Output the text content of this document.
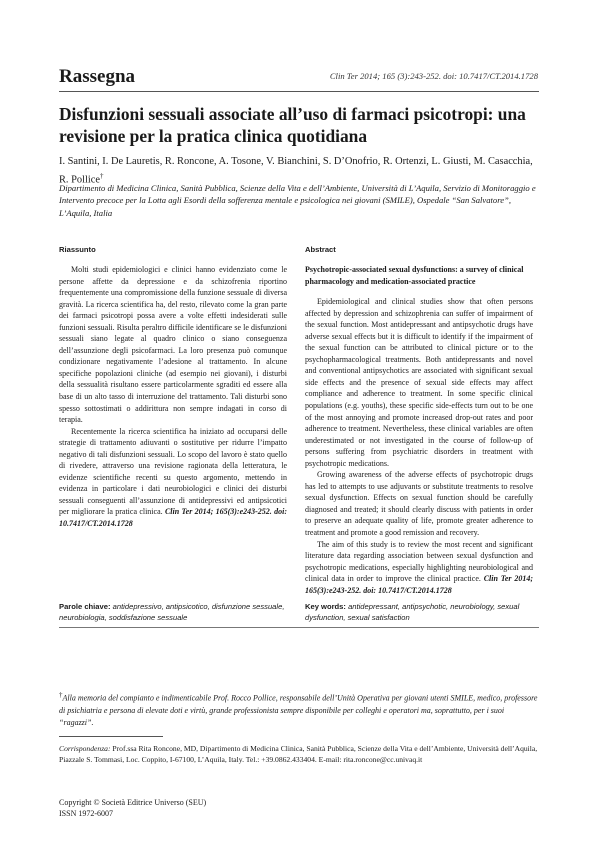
Rassegna	Clin Ter 2014; 165 (3):243-252. doi: 10.7417/CT.2014.1728
Disfunzioni sessuali associate all’uso di farmaci psicotropi: una revisione per la pratica clinica quotidiana
I. Santini, I. De Lauretis, R. Roncone, A. Tosone, V. Bianchini, S. D’Onofrio, R. Ortenzi, L. Giusti, M. Casacchia, R. Pollice†
Dipartimento di Medicina Clinica, Sanità Pubblica, Scienze della Vita e dell’Ambiente, Università di L’Aquila, Servizio di Monitoraggio e Intervento precoce per la Lotta agli Esordi della sofferenza mentale e psicologica nei giovani (SMILE), Ospedale “San Salvatore”, L’Aquila, Italia
Riassunto
Molti studi epidemiologici e clinici hanno evidenziato come le persone affette da depressione e da schizofrenia riportino frequentemente una compromissione della funzione sessuale di diversa gravità. La ricerca scientifica ha, del resto, rilevato come la gran parte dei farmaci psicotropi possa avere a volte effetti indesiderati sulle funzioni sessuali. Risulta peraltro difficile identificare se le disfunzioni sessuali siano legate al quadro clinico o siano conseguenza dell’assunzione degli psicofarmaci. La loro presenza può comunque condizionare negativamente l’adesione al trattamento. In alcune specifiche popolazioni cliniche (ad esempio nei giovani), i disturbi della sessualità risultano essere particolarmente sgraditi ed essere alla base di un alto tasso di interruzione del trattamento. Tali disturbi sono spesso sottostimati o addirittura non sempre indagati in corso di terapia.
Recentemente la ricerca scientifica ha iniziato ad occuparsi delle strategie di trattamento adiuvanti o sostitutive per ridurre l’impatto negativo di tali disfunzioni sessuali. Lo scopo del lavoro è stato quello di rivedere, attraverso una revisione ragionata della letteratura, le evidenze scientifiche recenti su questo argomento, mettendo in evidenza in particolare i dati neurobiologici e clinici dei disturbi sessuali conseguenti all’assunzione di antidepressivi ed antipsicotici per migliorare la pratica clinica. Clin Ter 2014; 165(3):e243-252. doi: 10.7417/CT.2014.1728
Abstract
Psychotropic-associated sexual dysfunctions: a survey of clinical pharmacology and medication-associated practice
Epidemiological and clinical studies show that often persons affected by depression and schizophrenia can suffer of impairment of the sexual function. Most antidepressant and antipsychotic drugs have adverse sexual effects but it is difficult to identify if the impairment of the sexual function can be attributed to clinical picture or to the psychopharmacological treatments. Both antidepressants and novel and conventional antipsychotics are associated with significant sexual side effects and the presence of sexual side effects may affect compliance and adherence to treatment. In some specific clinical populations (e.g. youths), these specific side-effects turn out to be one of the most annoying and promote increased drop-out rates and poor adherence to treatment. Nevertheless, these clinical variables are often underestimated or not investigated in the course of follow-up of persons suffering from psychiatric disorders in treatment with psychotropic medications.
Growing awareness of the adverse effects of psychotropic drugs has led to attempts to use adjuvants or substitute treatments to resolve sexual dysfunction. Effects on sexual function should be carefully diagnosed and treated; it should clearly discuss with patients in order to preserve an adequate quality of life, promote greater adherence to treatment and promote a good remission and recovery.
The aim of this study is to review the most recent and significant literature data regarding association between sexual dysfunction and psychotropic medications, especially highlighting neurobiological and clinical data in order to improve the clinical practice. Clin Ter 2014; 165(3):e243-252. doi: 10.7417/CT.2014.1728
Parole chiave: antidepressivo, antipsicotico, disfunzione sessuale, neurobiologia, soddisfazione sessuale
Key words: antidepressant, antipsychotic, neurobiology, sexual dysfunction, sexual satisfaction
†Alla memoria del compianto e indimenticabile Prof. Rocco Pollice, responsabile dell’Unità Operativa per giovani utenti SMILE, medico, professore di psichiatria e persona di elevate doti e virtù, grande professionista sempre disponibile per colleghi e operatori ma, soprattutto, per i suoi “ragazzi”.
Corrispondenza: Prof.ssa Rita Roncone, MD, Dipartimento di Medicina Clinica, Sanità Pubblica, Scienze della Vita e dell’Ambiente, Università dell’Aquila, Piazzale S. Tommasi, Loc. Coppito, I-67100, L’Aquila, Italy. Tel.: +39.0862.433404. E-mail: rita.roncone@cc.univaq.it
Copyright © Società Editrice Universo (SEU)
ISSN 1972-6007
